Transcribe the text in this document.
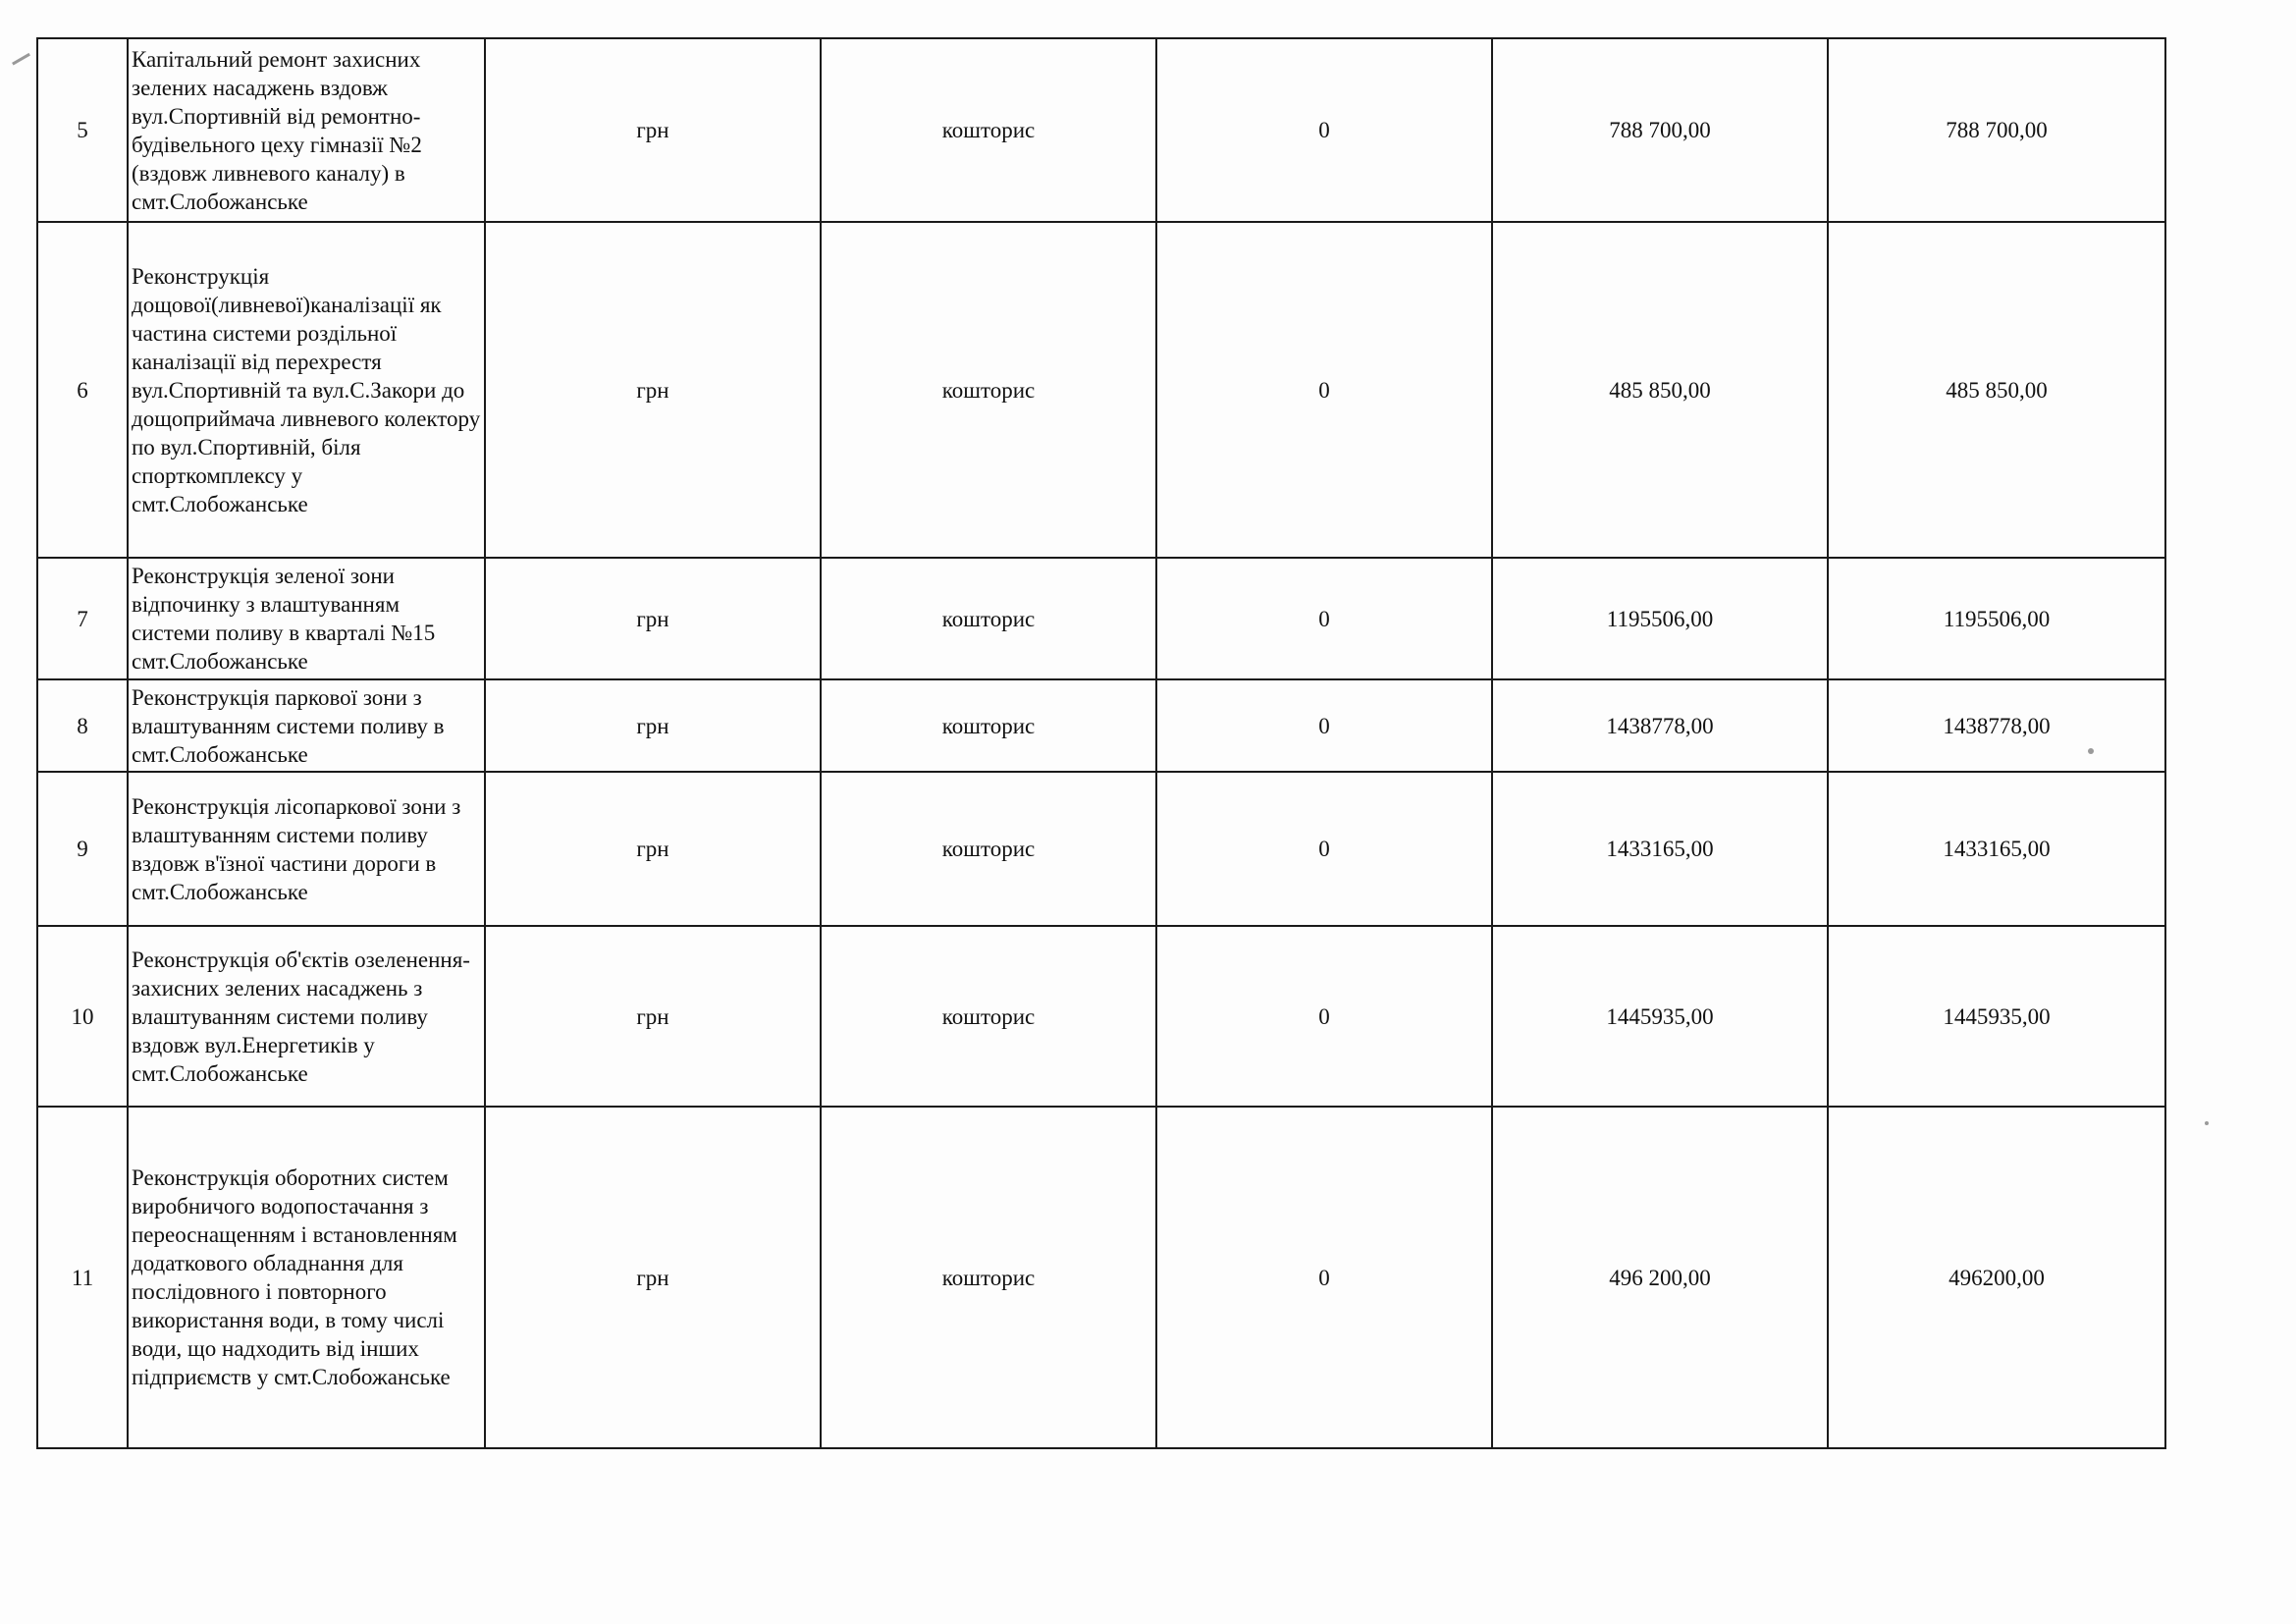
5	Капітальний ремонт захисних зелених насаджень вздовж вул.Спортивній від ремонтно-будівельного цеху гімназії №2 (вздовж ливневого каналу) в смт.Слобожанське	грн	кошторис	0	788 700,00	788 700,00
6	Реконструкція дощової(ливневої)каналізації як частина системи роздільної каналізації від перехрестя вул.Спортивній та вул.С.Закори до дощоприймача ливневого колектору по вул.Спортивній, біля спорткомплексу у смт.Слобожанське	грн	кошторис	0	485 850,00	485 850,00
7	Реконструкція зеленої зони відпочинку з влаштуванням системи поливу в кварталі №15 смт.Слобожанське	грн	кошторис	0	1195506,00	1195506,00
8	Реконструкція паркової зони з влаштуванням системи поливу в смт.Слобожанське	грн	кошторис	0	1438778,00	1438778,00
9	Реконструкція лісопаркової зони з влаштуванням системи поливу вздовж в'їзної частини дороги в смт.Слобожанське	грн	кошторис	0	1433165,00	1433165,00
10	Реконструкція об'єктів озеленення- захисних зелених насаджень з влаштуванням системи поливу вздовж вул.Енергетиків у смт.Слобожанське	грн	кошторис	0	1445935,00	1445935,00
11	Реконструкція оборотних систем виробничого водопостачання з переоснащенням і встановленням додаткового обладнання для послідовного і повторного використання води, в тому числі води, що надходить від інших підприємств у смт.Слобожанське	грн	кошторис	0	496 200,00	496200,00
